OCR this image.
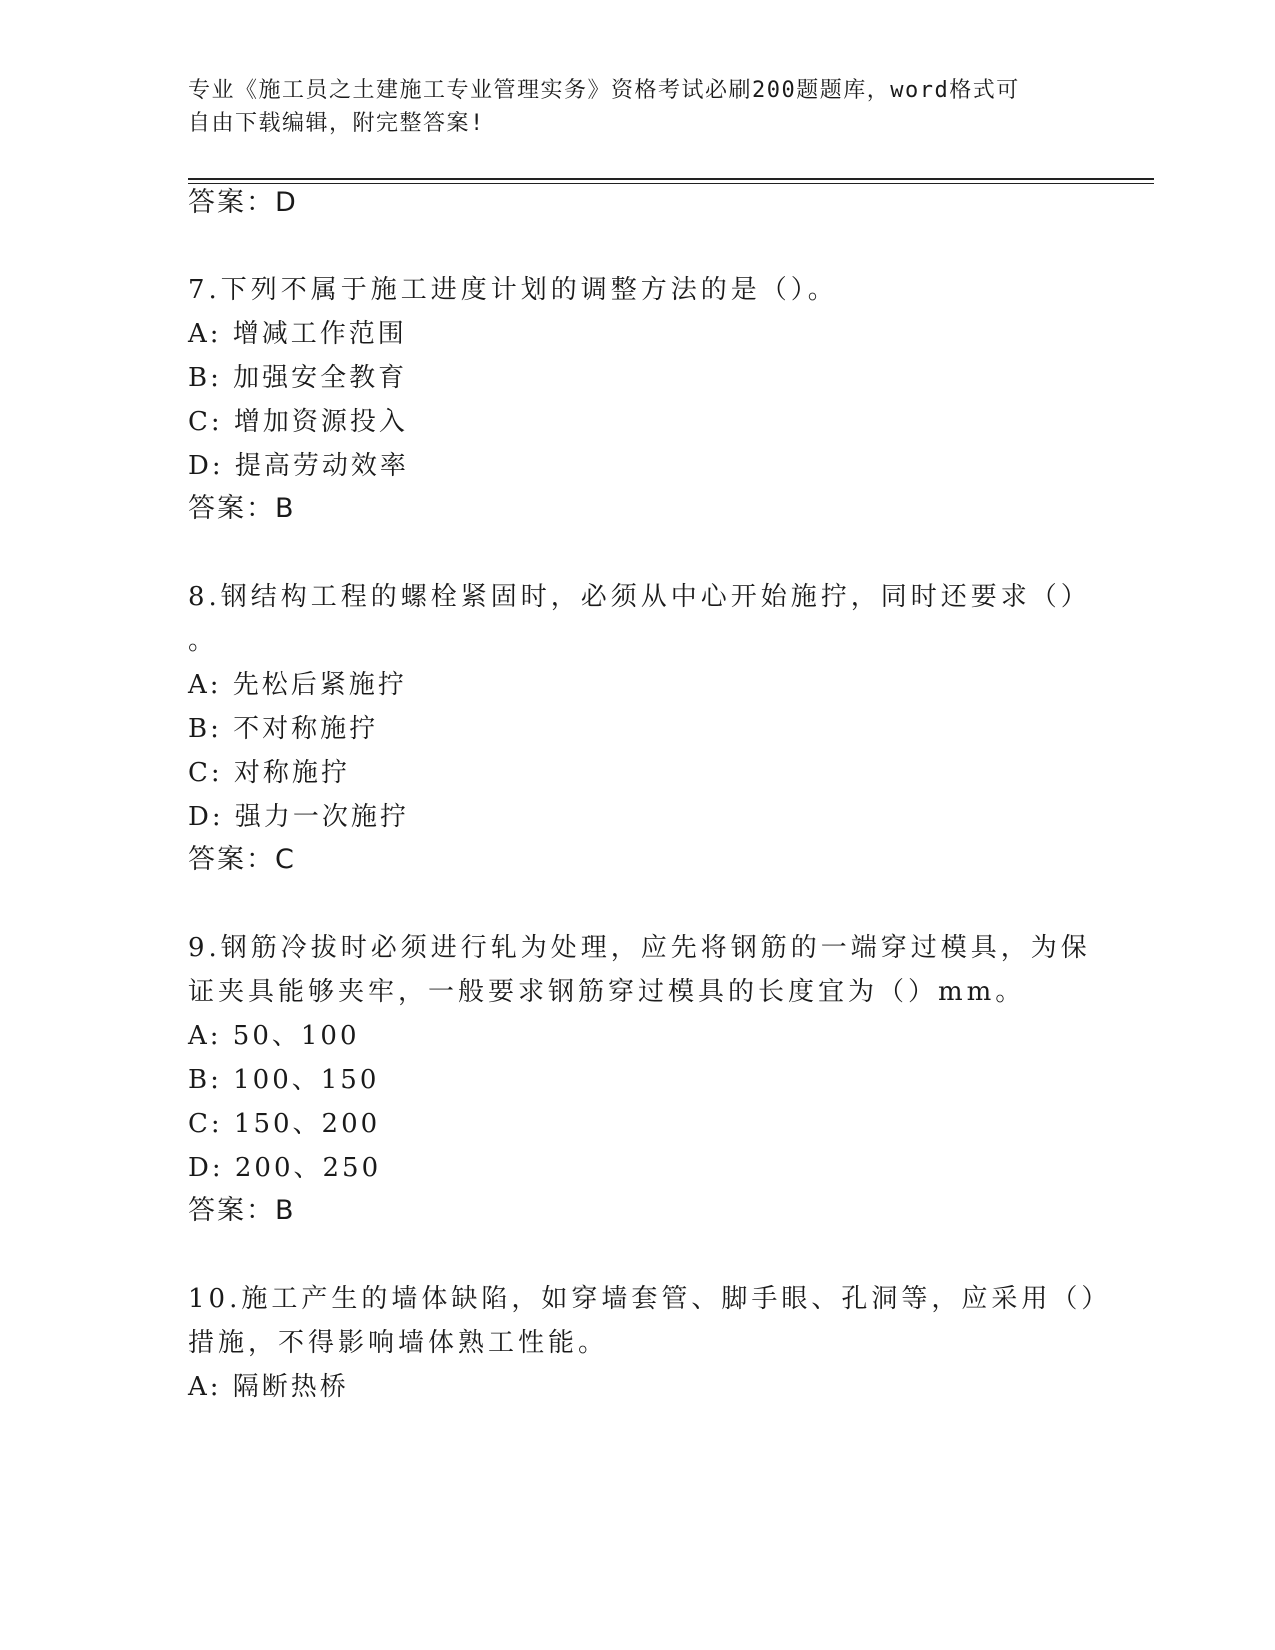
专业《施工员之土建施工专业管理实务》资格考试必刷200题题库，word格式可
自由下载编辑，附完整答案!
答案：D
7.下列不属于施工进度计划的调整方法的是（）。
A: 增减工作范围
B: 加强安全教育
C: 增加资源投入
D: 提高劳动效率
答案：B
8.钢结构工程的螺栓紧固时，必须从中心开始施拧，同时还要求（）
。
A: 先松后紧施拧
B: 不对称施拧
C: 对称施拧
D: 强力一次施拧
答案：C
9.钢筋冷拔时必须进行轧为处理，应先将钢筋的一端穿过模具，为保
证夹具能够夹牢，一般要求钢筋穿过模具的长度宜为（）mm。
A: 50、100
B: 100、150
C: 150、200
D: 200、250
答案：B
10.施工产生的墙体缺陷，如穿墙套管、脚手眼、孔洞等，应采用（）
措施，不得影响墙体熟工性能。
A: 隔断热桥
